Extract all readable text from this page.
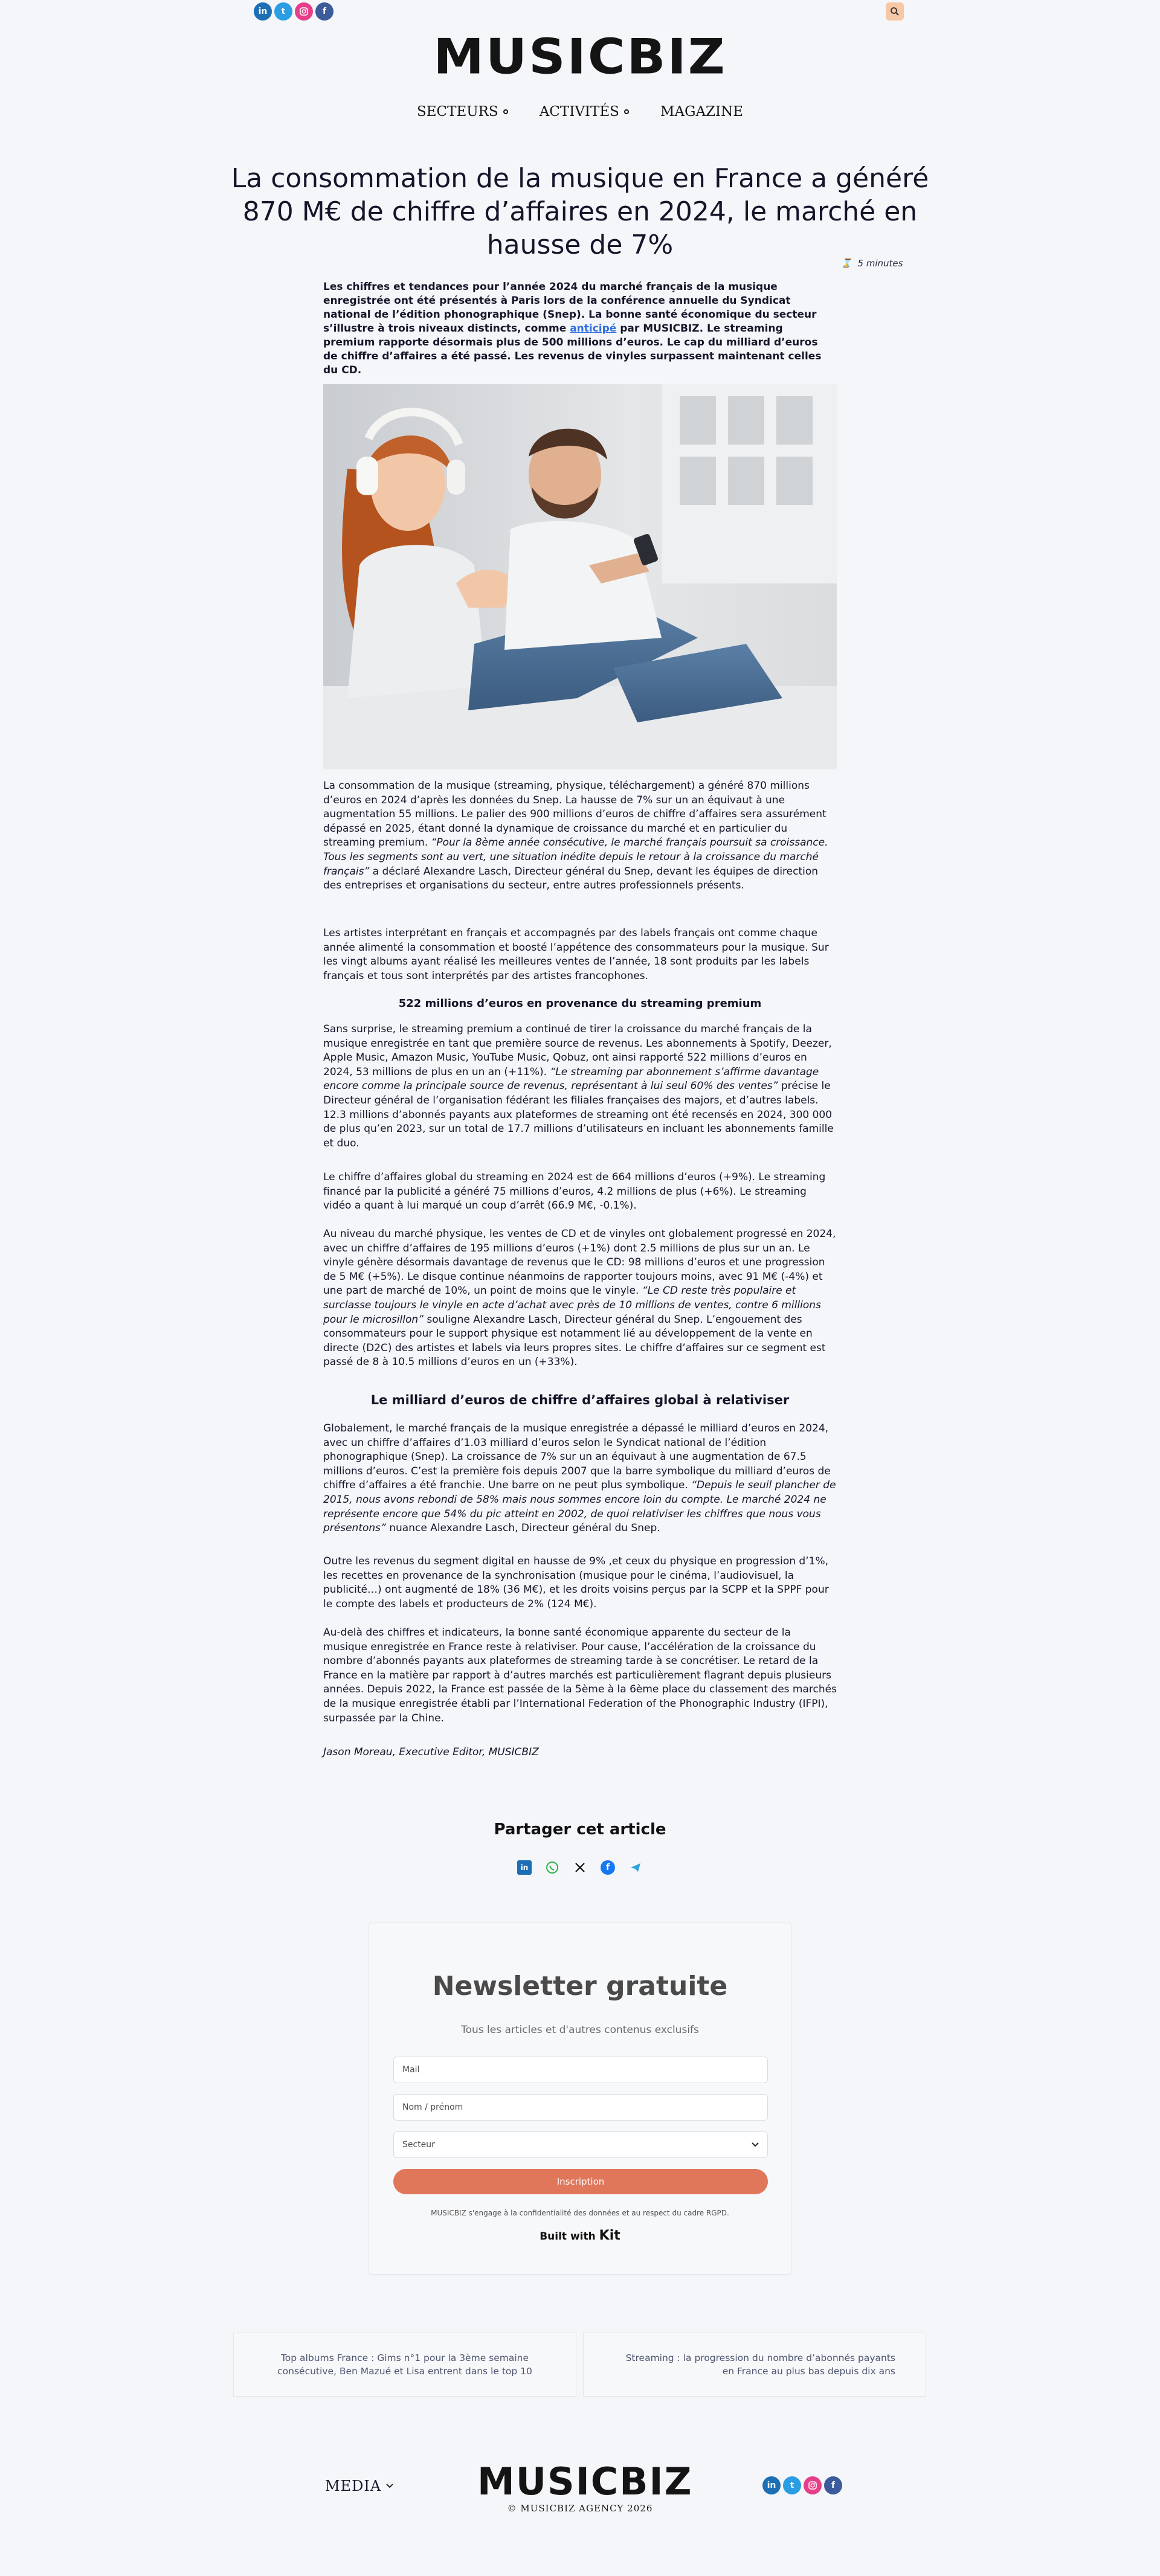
in	t	f
MUSICBIZ
SECTEURS	ACTIVITÉS	MAGAZINE
La consommation de la musique en France a généré 870 M€ de chiffre d’affaires en 2024, le marché en hausse de 7%
⌛ 5 minutes

Les chiffres et tendances pour l’année 2024 du marché français de la musique enregistrée ont été présentés à Paris lors de la conférence annuelle du Syndicat national de l’édition phonographique (Snep). La bonne santé économique du secteur s’illustre à trois niveaux distincts, comme anticipé par MUSICBIZ. Le streaming premium rapporte désormais plus de 500 millions d’euros. Le cap du milliard d’euros de chiffre d’affaires a été passé. Les revenus de vinyles surpassent maintenant celles du CD.

La consommation de la musique (streaming, physique, téléchargement) a généré 870 millions d’euros en 2024 d’après les données du Snep. La hausse de 7% sur un an équivaut à une augmentation 55 millions. Le palier des 900 millions d’euros de chiffre d’affaires sera assurément dépassé en 2025, étant donné la dynamique de croissance du marché et en particulier du streaming premium. “Pour la 8ème année consécutive, le marché français poursuit sa croissance. Tous les segments sont au vert, une situation inédite depuis le retour à la croissance du marché français” a déclaré Alexandre Lasch, Directeur général du Snep, devant les équipes de direction des entreprises et organisations du secteur, entre autres professionnels présents.

Les artistes interprétant en français et accompagnés par des labels français ont comme chaque année alimenté la consommation et boosté l’appétence des consommateurs pour la musique. Sur les vingt albums ayant réalisé les meilleures ventes de l’année, 18 sont produits par les labels français et tous sont interprétés par des artistes francophones.

522 millions d’euros en provenance du streaming premium

Sans surprise, le streaming premium a continué de tirer la croissance du marché français de la musique enregistrée en tant que première source de revenus. Les abonnements à Spotify, Deezer, Apple Music, Amazon Music, YouTube Music, Qobuz, ont ainsi rapporté 522 millions d’euros en 2024, 53 millions de plus en un an (+11%). “Le streaming par abonnement s’affirme davantage encore comme la principale source de revenus, représentant à lui seul 60% des ventes” précise le Directeur général de l’organisation fédérant les filiales françaises des majors, et d’autres labels. 12.3 millions d’abonnés payants aux plateformes de streaming ont été recensés en 2024, 300 000 de plus qu’en 2023, sur un total de 17.7 millions d’utilisateurs en incluant les abonnements famille et duo.

Le chiffre d’affaires global du streaming en 2024 est de 664 millions d’euros (+9%). Le streaming financé par la publicité a généré 75 millions d’euros, 4.2 millions de plus (+6%). Le streaming vidéo a quant à lui marqué un coup d’arrêt (66.9 M€, -0.1%).

Au niveau du marché physique, les ventes de CD et de vinyles ont globalement progressé en 2024, avec un chiffre d’affaires de 195 millions d’euros (+1%) dont 2.5 millions de plus sur un an. Le vinyle génère désormais davantage de revenus que le CD: 98 millions d’euros et une progression de 5 M€ (+5%). Le disque continue néanmoins de rapporter toujours moins, avec 91 M€ (-4%) et une part de marché de 10%, un point de moins que le vinyle. “Le CD reste très populaire et surclasse toujours le vinyle en acte d’achat avec près de 10 millions de ventes, contre 6 millions pour le microsillon” souligne Alexandre Lasch, Directeur général du Snep. L’engouement des consommateurs pour le support physique est notamment lié au développement de la vente en directe (D2C) des artistes et labels via leurs propres sites. Le chiffre d’affaires sur ce segment est passé de 8 à 10.5 millions d’euros en un (+33%).

Le milliard d’euros de chiffre d’affaires global à relativiser

Globalement, le marché français de la musique enregistrée a dépassé le milliard d’euros en 2024, avec un chiffre d’affaires d’1.03 milliard d’euros selon le Syndicat national de l’édition phonographique (Snep). La croissance de 7% sur un an équivaut à une augmentation de 67.5 millions d’euros. C’est la première fois depuis 2007 que la barre symbolique du milliard d’euros de chiffre d’affaires a été franchie. Une barre on ne peut plus symbolique. “Depuis le seuil plancher de 2015, nous avons rebondi de 58% mais nous sommes encore loin du compte. Le marché 2024 ne représente encore que 54% du pic atteint en 2002, de quoi relativiser les chiffres que nous vous présentons” nuance Alexandre Lasch, Directeur général du Snep.

Outre les revenus du segment digital en hausse de 9% ,et ceux du physique en progression d’1%, les recettes en provenance de la synchronisation (musique pour le cinéma, l’audiovisuel, la publicité…) ont augmenté de 18% (36 M€), et les droits voisins perçus par la SCPP et la SPPF pour le compte des labels et producteurs de 2% (124 M€).

Au-delà des chiffres et indicateurs, la bonne santé économique apparente du secteur de la musique enregistrée en France reste à relativiser. Pour cause, l’accélération de la croissance du nombre d’abonnés payants aux plateformes de streaming tarde à se concrétiser. Le retard de la France en la matière par rapport à d’autres marchés est particulièrement flagrant depuis plusieurs années. Depuis 2022, la France est passée de la 5ème à la 6ème place du classement des marchés de la musique enregistrée établi par l’International Federation of the Phonographic Industry (IFPI), surpassée par la Chine.

Jason Moreau, Executive Editor, MUSICBIZ

Partager cet article
in	f
Newsletter gratuite
Tous les articles et d'autres contenus exclusifs
Mail
Nom / prénom
Secteur
Inscription
MUSICBIZ s'engage à la confidentialité des données et au respect du cadre RGPD.
Built with Kit
Top albums France : Gims n°1 pour la 3ème semaine consécutive, Ben Mazué et Lisa entrent dans le top 10
Streaming : la progression du nombre d’abonnés payants en France au plus bas depuis dix ans
MEDIA	MUSICBIZ
© MUSICBIZ AGENCY 2026
in	t	f
